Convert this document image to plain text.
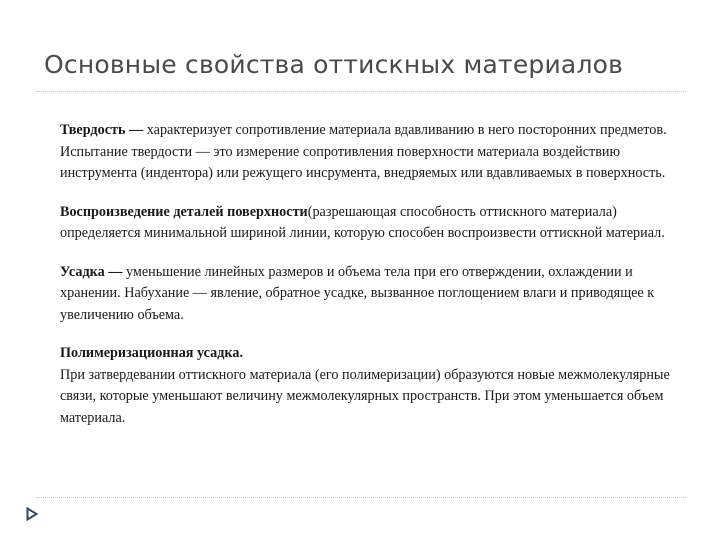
Основные свойства оттискных материалов

Твердость — характеризует сопротивление материала вдавливанию в него посторонних предметов. Испытание твердости — это измерение сопротивления поверхности материала воздействию инструмента (индентора) или режущего инсрумента, внедряемых или вдавливаемых в поверхность.

Воспроизведение деталей поверхности(разрешающая способность оттискного материала) определяется минимальной шириной линии, которую способен воспроизвести оттискной материал.

Усадка — уменьшение линейных размеров и объема тела при его отверждении, охлаждении и хранении. Набухание — явление, обратное усадке, вызванное поглощением влаги и приводящее к увеличению объема.

Полимеризационная усадка.
При затвердевании оттискного материала (его полимеризации) образуются новые межмолекулярные связи, которые уменьшают величину межмолекулярных пространств. При этом уменьшается объем материала.
